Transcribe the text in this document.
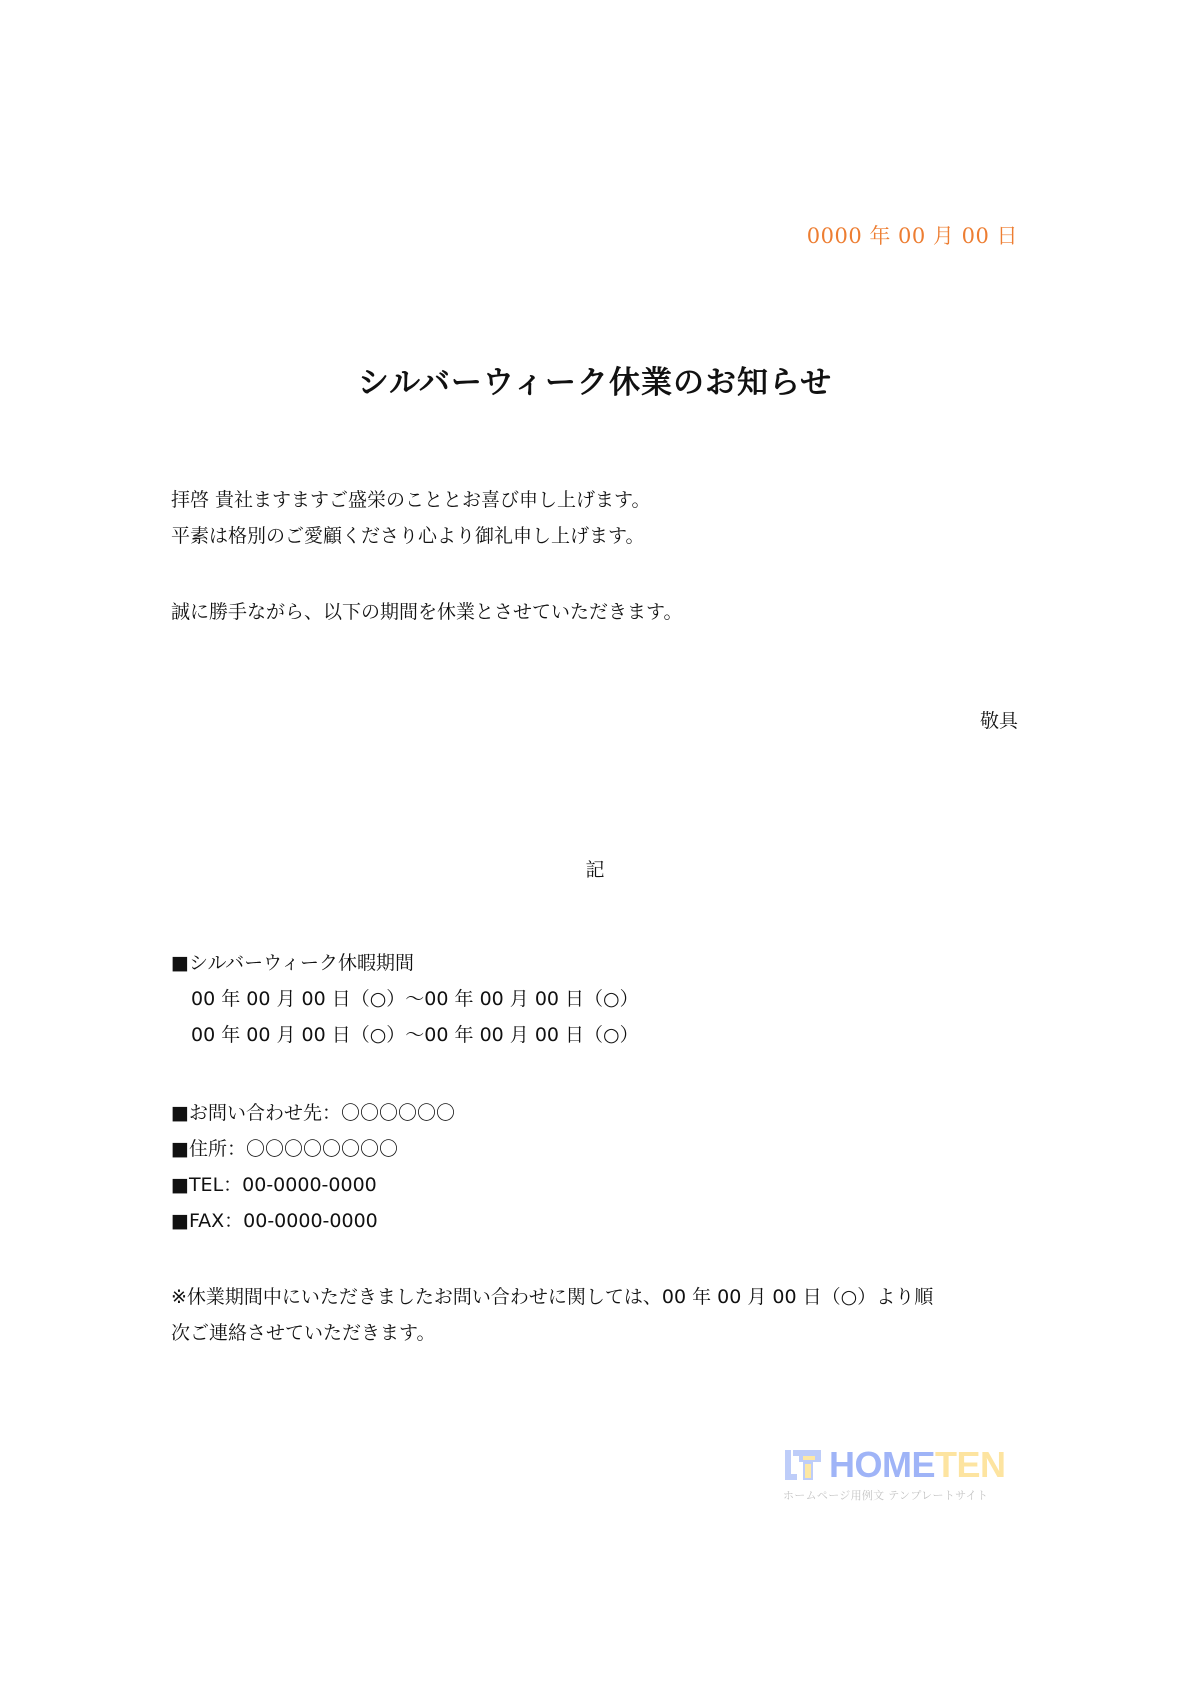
0000 年 00 月 00 日
シルバーウィーク休業のお知らせ
拝啓 貴社ますますご盛栄のこととお喜び申し上げます。
平素は格別のご愛顧くださり心より御礼申し上げます。
誠に勝手ながら、以下の期間を休業とさせていただきます。
敬具
記
■シルバーウィーク休暇期間
00 年 00 月 00 日（○）～00 年 00 月 00 日（○）
00 年 00 月 00 日（○）～00 年 00 月 00 日（○）
■お問い合わせ先：〇〇〇〇〇〇
■住所：〇〇〇〇〇〇〇〇
■TEL：00-0000-0000
■FAX：00-0000-0000
※休業期間中にいただきましたお問い合わせに関しては、00 年 00 月 00 日（○）より順
次ご連絡させていただきます。
HOME TEN
ホームページ用例文 テンプレートサイト
